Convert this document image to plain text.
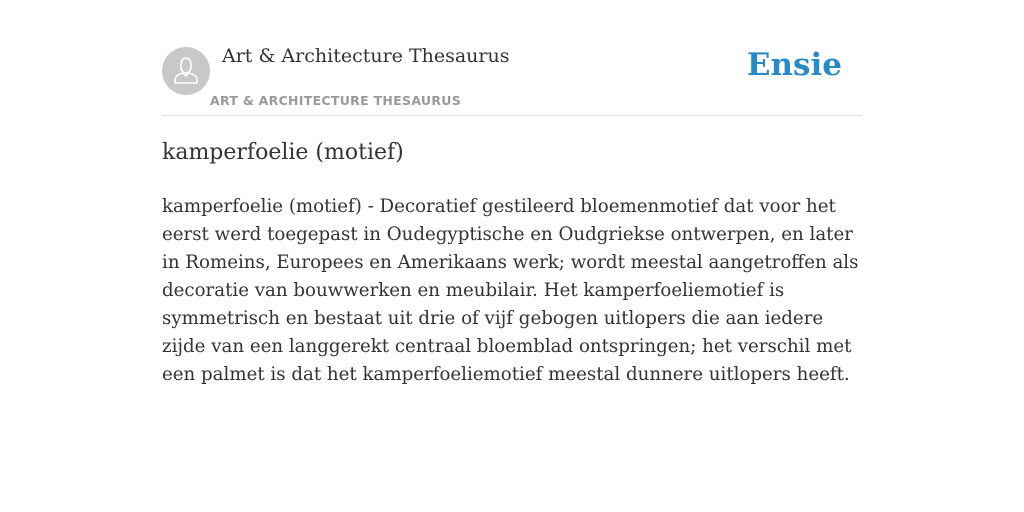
Art & Architecture Thesaurus
ART & ARCHITECTURE THESAURUS
Ensie
kamperfoelie (motief)

kamperfoelie (motief) - Decoratief gestileerd bloemenmotief dat voor het eerst werd toegepast in Oudegyptische en Oudgriekse ontwerpen, en later in Romeins, Europees en Amerikaans werk; wordt meestal aangetroffen als decoratie van bouwwerken en meubilair. Het kamperfoeliemotief is symmetrisch en bestaat uit drie of vijf gebogen uitlopers die aan iedere zijde van een langgerekt centraal bloemblad ontspringen; het verschil met een palmet is dat het kamperfoeliemotief meestal dunnere uitlopers heeft.
